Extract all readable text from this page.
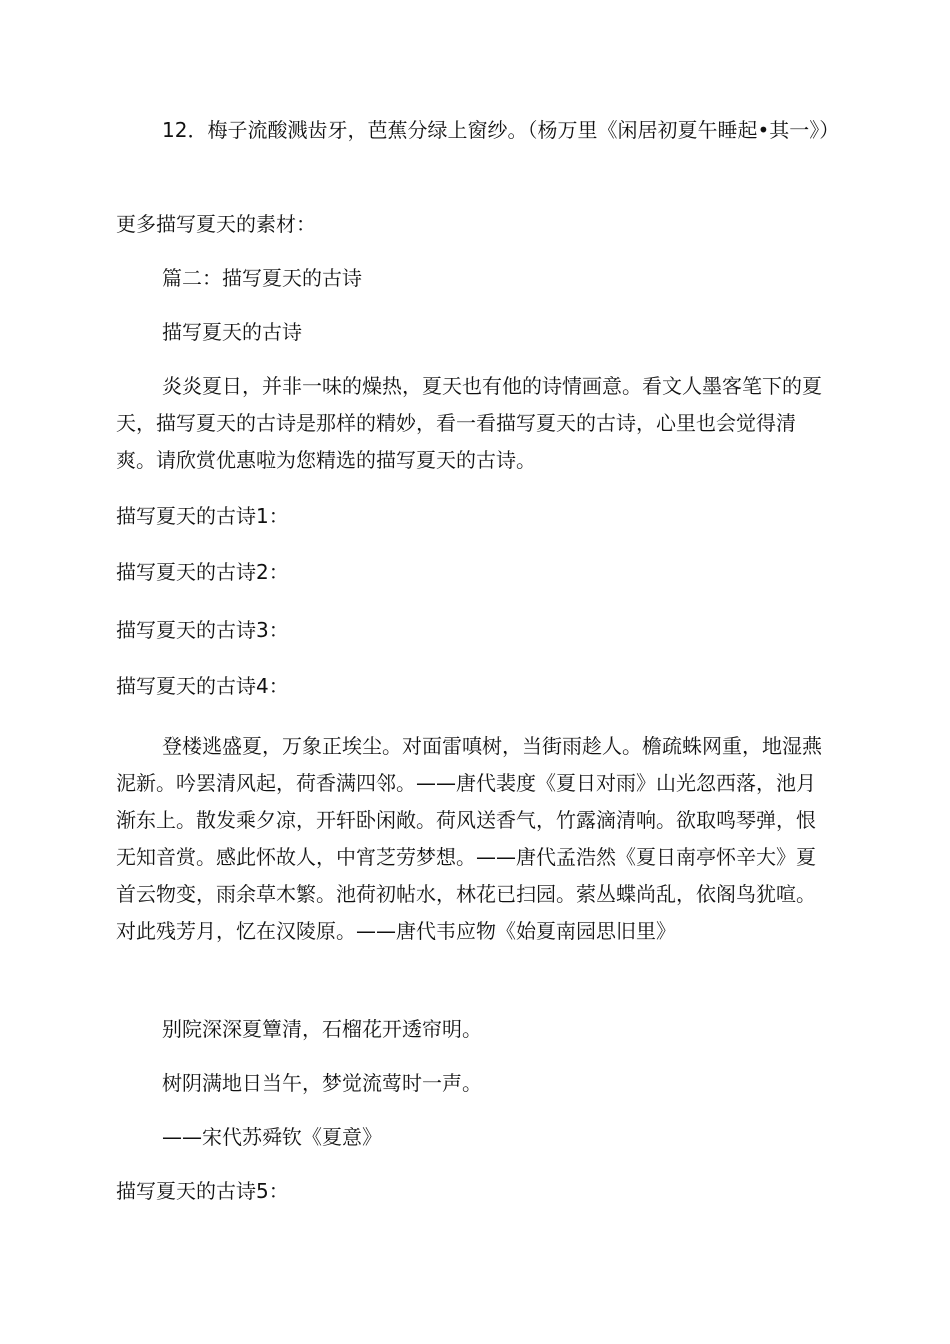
12．梅子流酸溅齿牙，芭蕉分绿上窗纱。（杨万里《闲居初夏午睡起•其一》）

更多描写夏天的素材：

篇二：描写夏天的古诗

描写夏天的古诗

炎炎夏日，并非一味的燥热，夏天也有他的诗情画意。看文人墨客笔下的夏天，描写夏天的古诗是那样的精妙，看一看描写夏天的古诗，心里也会觉得清爽。请欣赏优惠啦为您精选的描写夏天的古诗。

描写夏天的古诗1：

描写夏天的古诗2：

描写夏天的古诗3：

描写夏天的古诗4：

登楼逃盛夏，万象正埃尘。对面雷嗔树，当街雨趁人。檐疏蛛网重，地湿燕泥新。吟罢清风起，荷香满四邻。——唐代裴度《夏日对雨》山光忽西落，池月渐东上。散发乘夕凉，开轩卧闲敞。荷风送香气，竹露滴清响。欲取鸣琴弹，恨无知音赏。感此怀故人，中宵芝劳梦想。——唐代孟浩然《夏日南亭怀辛大》夏首云物变，雨余草木繁。池荷初帖水，林花已扫园。萦丛蝶尚乱，依阁鸟犹喧。对此残芳月，忆在汉陵原。——唐代韦应物《始夏南园思旧里》

别院深深夏簟清，石榴花开透帘明。

树阴满地日当午，梦觉流莺时一声。

——宋代苏舜钦《夏意》

描写夏天的古诗5：
